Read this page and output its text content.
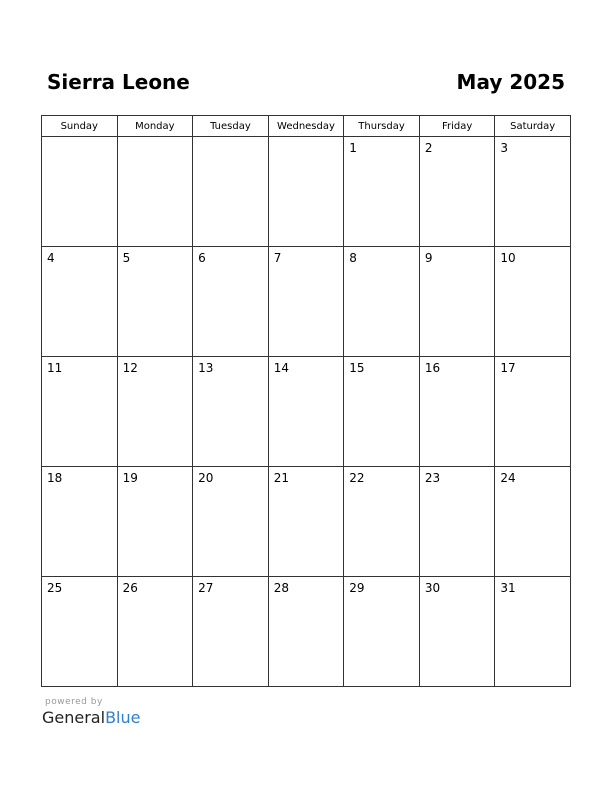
Sierra Leone	May 2025
Sunday	Monday	Tuesday	Wednesday	Thursday	Friday	Saturday

				1	2	3

4	5	6	7	8	9	10

11	12	13	14	15	16	17

18	19	20	21	22	23	24

25	26	27	28	29	30	31
powered by
GeneralBlue
